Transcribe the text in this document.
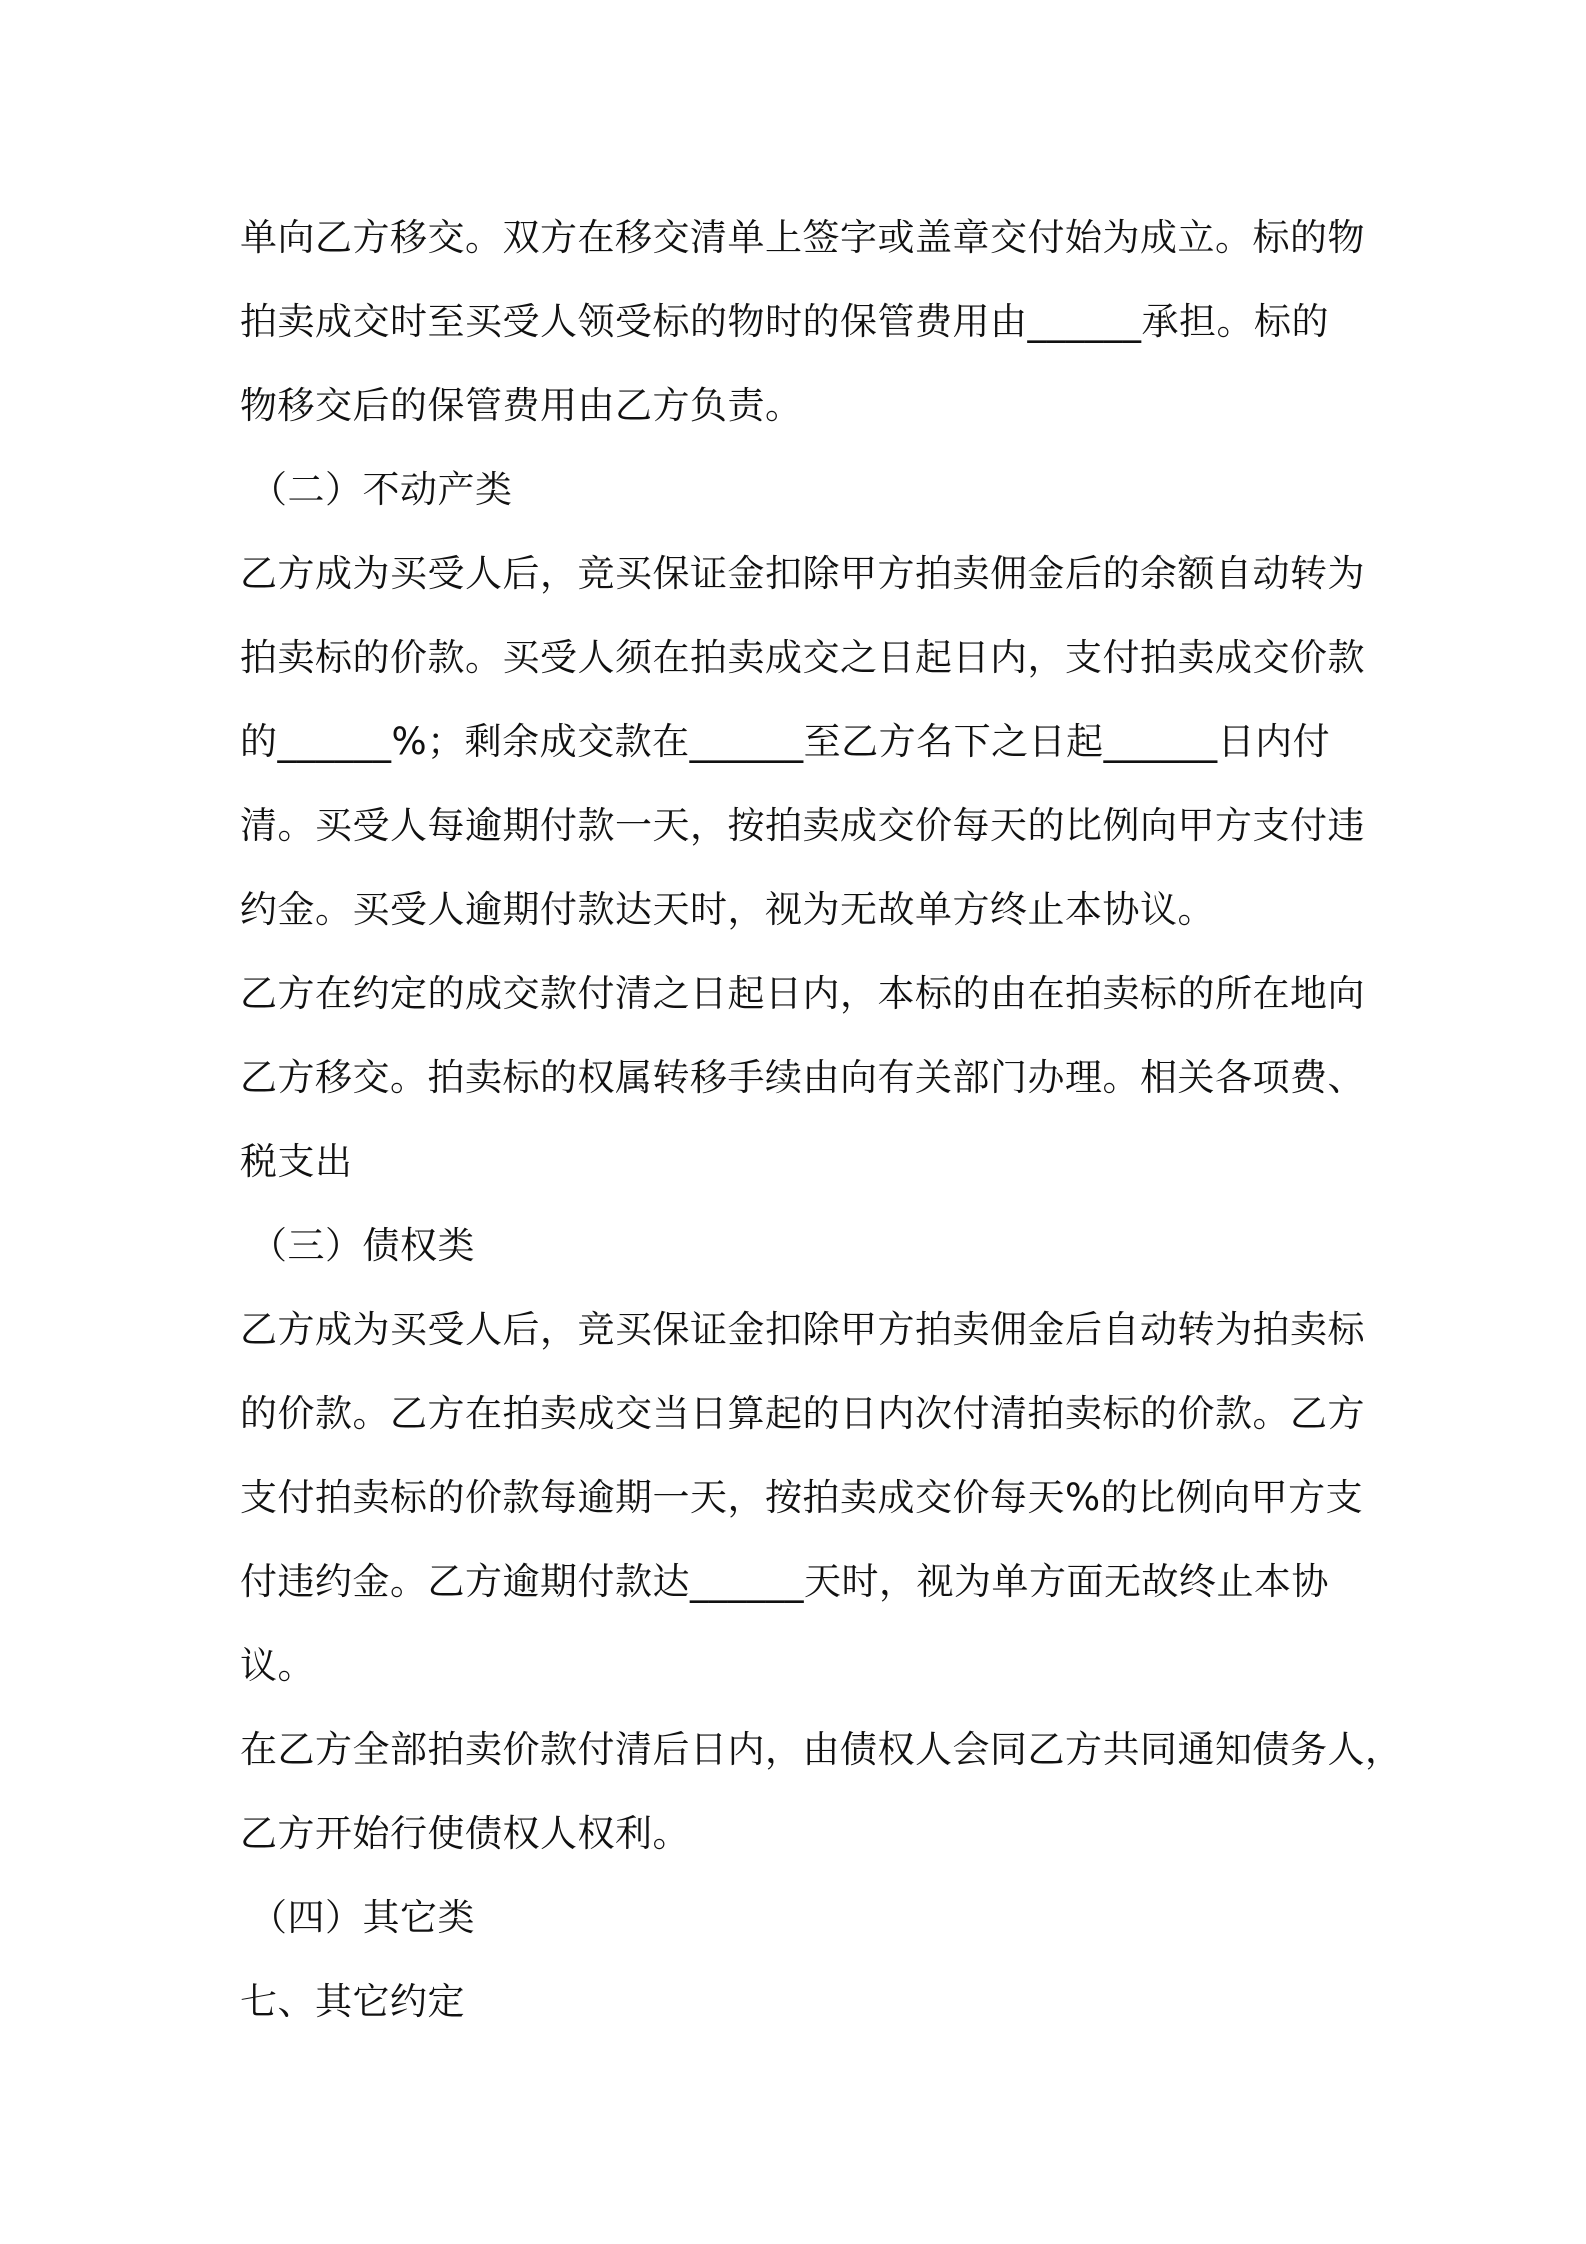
单向乙方移交。双方在移交清单上签字或盖章交付始为成立。标的物
拍卖成交时至买受人领受标的物时的保管费用由______承担。标的
物移交后的保管费用由乙方负责。
（二）不动产类
乙方成为买受人后，竞买保证金扣除甲方拍卖佣金后的余额自动转为
拍卖标的价款。买受人须在拍卖成交之日起日内，支付拍卖成交价款
的______%；剩余成交款在______至乙方名下之日起______日内付
清。买受人每逾期付款一天，按拍卖成交价每天的比例向甲方支付违
约金。买受人逾期付款达天时，视为无故单方终止本协议。
乙方在约定的成交款付清之日起日内，本标的由在拍卖标的所在地向
乙方移交。拍卖标的权属转移手续由向有关部门办理。相关各项费、
税支出
（三）债权类
乙方成为买受人后，竞买保证金扣除甲方拍卖佣金后自动转为拍卖标
的价款。乙方在拍卖成交当日算起的日内次付清拍卖标的价款。乙方
支付拍卖标的价款每逾期一天，按拍卖成交价每天%的比例向甲方支
付违约金。乙方逾期付款达______天时，视为单方面无故终止本协
议。
在乙方全部拍卖价款付清后日内，由债权人会同乙方共同通知债务人，
乙方开始行使债权人权利。
（四）其它类
七、其它约定
